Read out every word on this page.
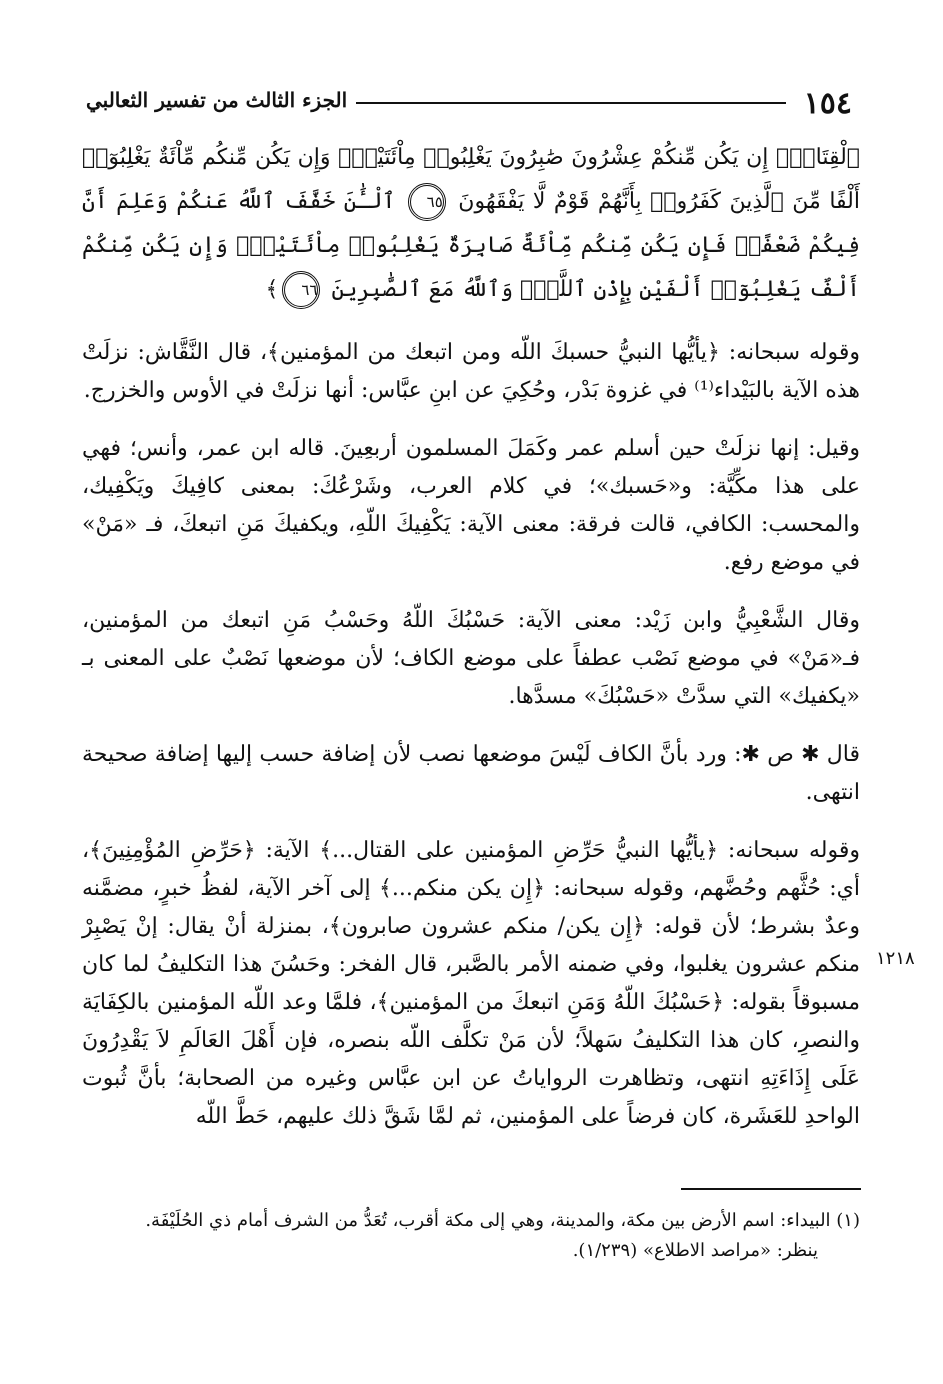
١٥٤
الجزء الثالث من تفسير الثعالبي

ٱلْقِتَالِۚ إِن يَكُن مِّنكُمْ عِشْرُونَ صَٰبِرُونَ يَغْلِبُوا۟ مِاْئَتَيْنِۚ وَإِن يَكُن مِّنكُم مِّاْئَةٌ يَغْلِبُوٓا۟ أَلْفًا مِّنَ ٱلَّذِينَ كَفَرُوا۟ بِأَنَّهُمْ قَوْمٌ لَّا يَفْقَهُونَ ٦٥ ٱلْـَٰٔنَ خَفَّفَ ٱللَّهُ عَنكُمْ وَعَلِمَ أَنَّ فِيكُمْ ضَعْفًاۚ فَإِن يَكُن مِّنكُم مِّاْئَةٌ صَابِرَةٌ يَغْلِبُوا۟ مِاْئَتَيْنِۚ وَإِن يَكُن مِّنكُمْ أَلْفٌ يَغْلِبُوٓا۟ أَلْفَيْنِ بِإِذْنِ ٱللَّهِۗ وَٱللَّهُ مَعَ ٱلصَّٰبِرِينَ ٦٦﴾

وقوله سبحانه: ﴿يأيُّها النبيُّ حسبكَ اللّه ومن اتبعك من المؤمنين﴾، قال النَّقَّاش: نزلَتْ هذه الآية بالبَيْداء⁽¹⁾ في غزوة بَدْر، وحُكِيَ عن ابنِ عبَّاس: أنها نزلَتْ في الأوس والخزرج.

وقيل: إنها نزلَتْ حين أسلم عمر وكَمَلَ المسلمون أربعِينَ. قاله ابن عمر، وأنس؛ فهي على هذا مكِّيَّة: و«حَسبك»؛ في كلام العرب، وشَرْعُكَ: بمعنى كافِيكَ ويَكْفِيك، والمحسب: الكافي، قالت فرقة: معنى الآية: يَكْفِيكَ اللّهِ، ويكفيكَ مَنِ اتبعكَ، فـ «مَنْ» في موضع رفع.

وقال الشَّعْبِيُّ وابن زَيْد: معنى الآية: حَسْبُكَ اللّهُ وحَسْبُ مَنِ اتبعك من المؤمنين، فـ«مَنْ» في موضع نَصْب عطفاً على موضع الكاف؛ لأن موضعها نَصْبٌ على المعنى بـ «يكفيك» التي سدَّتْ «حَسْبُكَ» مسدَّها.

قال ✱ ص ✱: ورد بأنَّ الكاف لَيْسَ موضعها نصب لأن إضافة حسب إليها إضافة صحيحة انتهى.

وقوله سبحانه: ﴿يأيُّها النبيُّ حَرِّضِ المؤمنين على القتال...﴾ الآية: ﴿حَرِّضِ المُؤْمِنِينَ﴾، أي: حُثَّهم وحُضَّهم، وقوله سبحانه: ﴿إِن يكن منكم...﴾ إلى آخر الآية، لفظُ خبرٍ، مضمَّنه وعدٌ بشرط؛ لأن قوله: ﴿إِن يكن/ منكم عشرون صابرون﴾، بمنزلة أنْ يقال: إنْ يَصْبِرْ منكم عشرون يغلبوا، وفي ضمنه الأمر بالصَّبر، قال الفخر: وحَسُنَ هذا التكليفُ لما كان مسبوقاً بقوله: ﴿حَسْبُكَ اللّهُ وَمَنِ اتبعكَ من المؤمنين﴾، فلمَّا وعد اللّه المؤمنين بالكِفَايَة والنصرِ، كان هذا التكليفُ سَهلاً؛ لأن مَنْ تكلَّف اللّه بنصره، فإن أَهْلَ العَالَمِ لاَ يَقْدِرُونَ عَلَى إِذَاءَتِهِ انتهى، وتظاهرت الرواياتُ عن ابن عبَّاس وغيره من الصحابة؛ بأنَّ ثُبوت الواحدِ للعَشَرة، كان فرضاً على المؤمنين، ثم لمَّا شَقَّ ذلك عليهم، حَطَّ اللّه

١٢١٨

(١) البيداء: اسم الأرض بين مكة، والمدينة، وهي إلى مكة أقرب، تُعَدُّ من الشرف أمام ذي الحُلَيْفَة.

ينظر: «مراصد الاطلاع» (١/٢٣٩).
